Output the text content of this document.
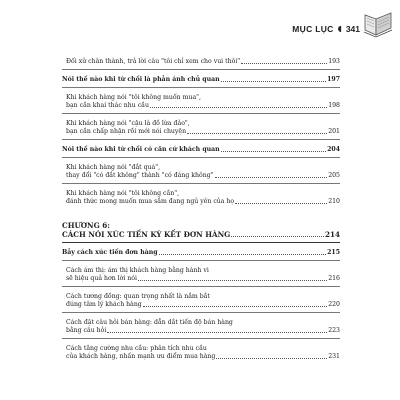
MỤC LỤC ◖ 341
Đối xử chân thành, trả lời câu "tôi chỉ xem cho vui thôi"	193
Nói thế nào khi từ chối là phản ánh chủ quan	197
Khi khách hàng nói "tôi không muốn mua",
bạn cần khai thác nhu cầu	198
Khi khách hàng nói "cậu là đồ lừa đảo",
bạn cần chấp nhận rồi mới nói chuyện	201
Nói thế nào khi từ chối có căn cứ khách quan	204
Khi khách hàng nói "đắt quá",
thay đổi "có đắt không" thành "có đáng không"	205
Khi khách hàng nói "tôi không cần",
đánh thức mong muốn mua sắm đang ngủ yên của họ	210
CHƯƠNG 6:
CÁCH NÓI XÚC TIẾN KÝ KẾT ĐƠN HÀNG	214
Bảy cách xúc tiến đơn hàng	215
Cách ám thị: ám thị khách hàng bằng hành vi
sẽ hiệu quả hơn lời nói	216
Cách tương đồng: quan trọng nhất là nắm bắt
đúng tâm lý khách hàng	220
Cách đặt câu hỏi bán hàng: dẫn dắt tiến độ bán hàng
bằng câu hỏi	223
Cách tăng cường nhu cầu: phân tích nhu cầu
của khách hàng, nhấn mạnh ưu điểm mua hàng	231
